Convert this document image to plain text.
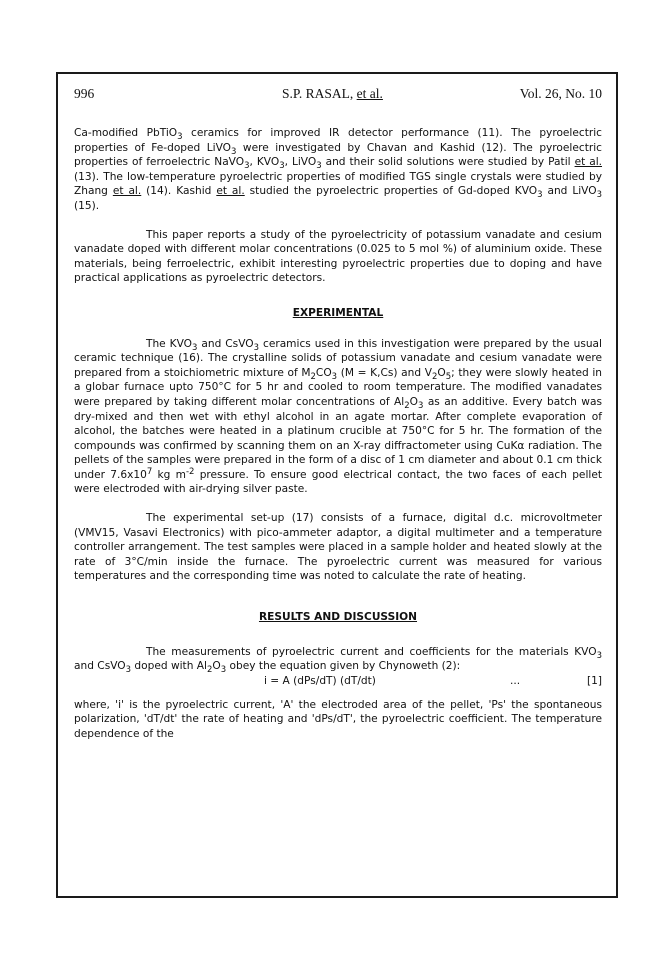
996	S.P. RASAL, et al.	Vol. 26, No. 10

Ca-modified PbTiO$_3$ ceramics for improved IR detector performance (11). The pyroelectric properties of Fe-doped LiVO$_3$ were investigated by Chavan and Kashid (12). The pyroelectric properties of ferroelectric NaVO$_3$, $KVO_3$, LiVO$_3$ and their solid solutions were studied by Patil et al. (13). The low-temperature pyroelectric properties of modified TGS single crystals were studied by Zhang et al. (14). Kashid et al. studied the pyroelectric properties of Gd-doped $KVO_3$ and LiVO$_3$ (15).

This paper reports a study of the pyroelectricity of potassium vanadate and cesium vanadate doped with different molar concentrations (0.025 to 5 mol %) of aluminium oxide. These materials, being ferroelectric, exhibit interesting pyroelectric properties due to doping and have practical applications as pyroelectric detectors.

EXPERIMENTAL

The $KVO_3$ and CsVO$_3$ ceramics used in this investigation were prepared by the usual ceramic technique (16). The crystalline solids of potassium vanadate and cesium vanadate were prepared from a stoichiometric mixture of $M_2CO_3$ (M = K,Cs) and $V_2O_5$; they were slowly heated in a globar furnace upto 750°C for 5 hr and cooled to room temperature. The modified vanadates were prepared by taking different molar concentrations of $Al_2O_3$ as an additive. Every batch was dry-mixed and then wet with ethyl alcohol in an agate mortar. After complete evaporation of alcohol, the batches were heated in a platinum crucible at 750°C for 5 hr. The formation of the compounds was confirmed by scanning them on an X-ray diffractometer using CuKα radiation. The pellets of the samples were prepared in the form of a disc of 1 cm diameter and about 0.1 cm thick under $7.6x10^7$ kg $m^{-2}$ pressure. To ensure good electrical contact, the two faces of each pellet were electroded with air-drying silver paste.

The experimental set-up (17) consists of a furnace, digital d.c. microvoltmeter (VMV15, Vasavi Electronics) with pico-ammeter adaptor, a digital multimeter and a temperature controller arrangement. The test samples were placed in a sample holder and heated slowly at the rate of 3°C/min inside the furnace. The pyroelectric current was measured for various temperatures and the corresponding time was noted to calculate the rate of heating.

RESULTS AND DISCUSSION

The measurements of pyroelectric current and coefficients for the materials $KVO_3$ and CsVO$_3$ doped with $Al_2O_3$ obey the equation given by Chynoweth (2):

i = A (dPs/dT) (dT/dt)	...	[1]

where, 'i' is the pyroelectric current, 'A' the electroded area of the pellet, 'Ps' the spontaneous polarization, 'dT/dt' the rate of heating and 'dPs/dT', the pyroelectric coefficient. The temperature dependence of the
